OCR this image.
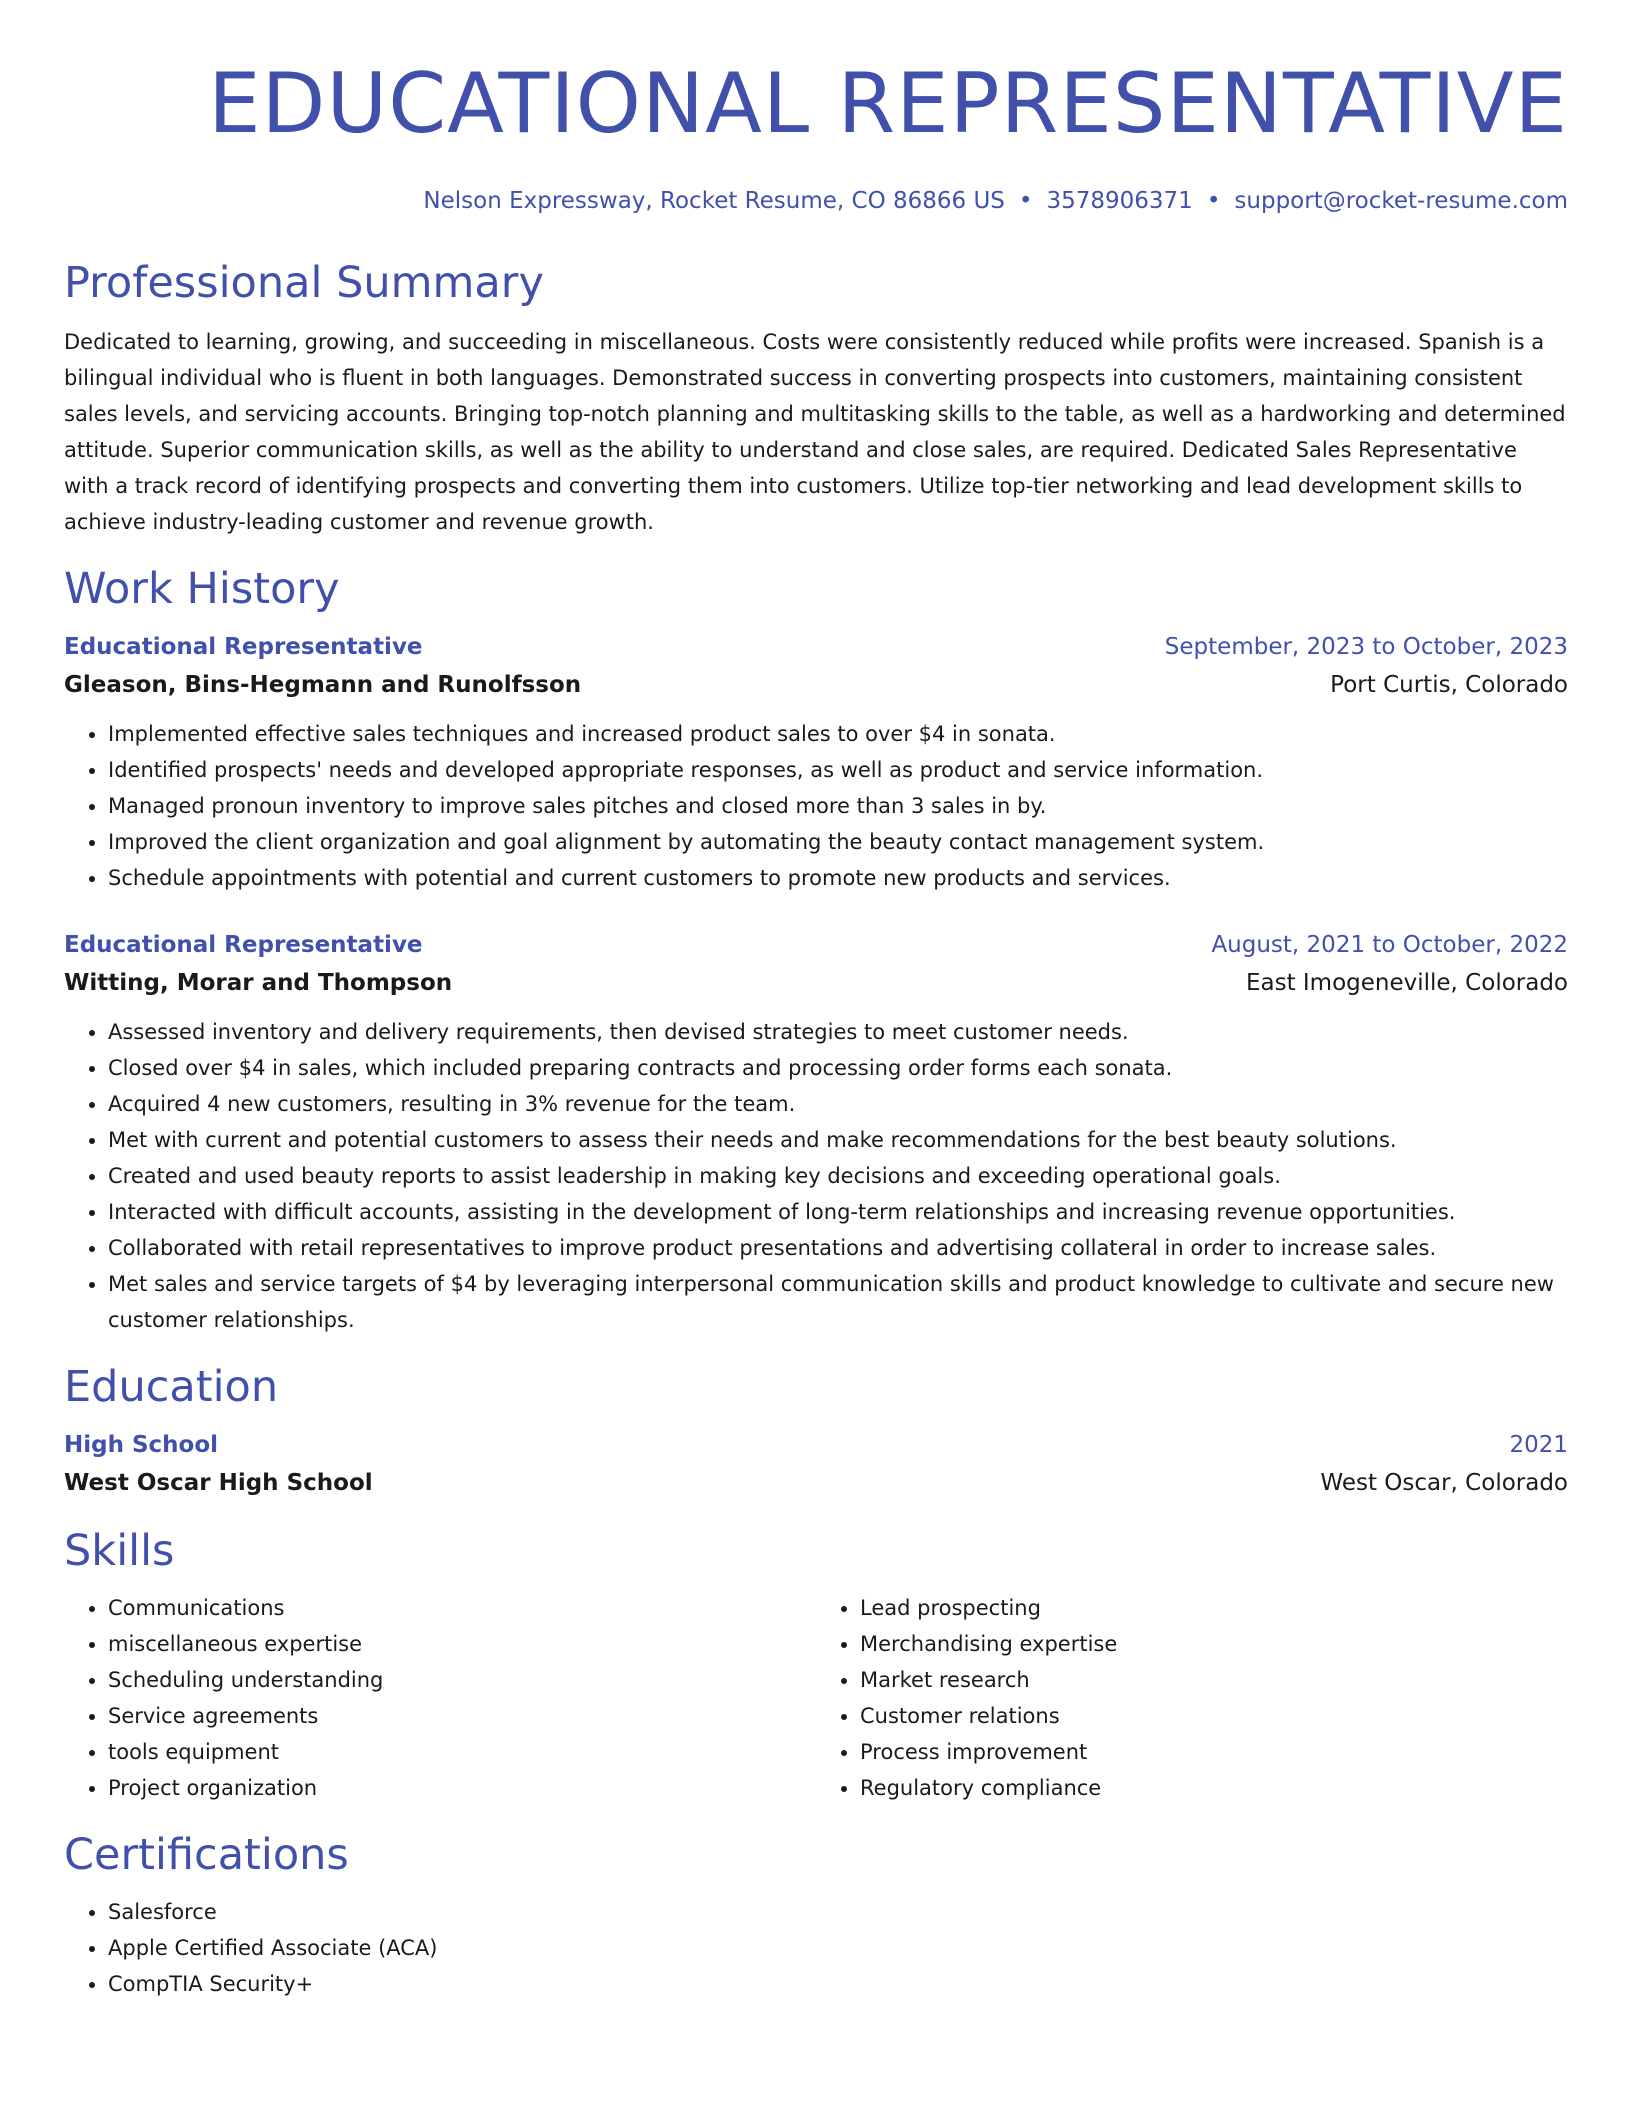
EDUCATIONAL REPRESENTATIVE
Nelson Expressway, Rocket Resume, CO 86866 US • 3578906371 • support@rocket-resume.com
Professional Summary
Dedicated to learning, growing, and succeeding in miscellaneous. Costs were consistently reduced while profits were increased. Spanish is a bilingual individual who is fluent in both languages. Demonstrated success in converting prospects into customers, maintaining consistent sales levels, and servicing accounts. Bringing top-notch planning and multitasking skills to the table, as well as a hardworking and determined attitude. Superior communication skills, as well as the ability to understand and close sales, are required. Dedicated Sales Representative with a track record of identifying prospects and converting them into customers. Utilize top-tier networking and lead development skills to achieve industry-leading customer and revenue growth.
Work History
Educational Representative	September, 2023 to October, 2023
Gleason, Bins-Hegmann and Runolfsson	Port Curtis, Colorado
• Implemented effective sales techniques and increased product sales to over $4 in sonata.
• Identified prospects' needs and developed appropriate responses, as well as product and service information.
• Managed pronoun inventory to improve sales pitches and closed more than 3 sales in by.
• Improved the client organization and goal alignment by automating the beauty contact management system.
• Schedule appointments with potential and current customers to promote new products and services.
Educational Representative	August, 2021 to October, 2022
Witting, Morar and Thompson	East Imogeneville, Colorado
• Assessed inventory and delivery requirements, then devised strategies to meet customer needs.
• Closed over $4 in sales, which included preparing contracts and processing order forms each sonata.
• Acquired 4 new customers, resulting in 3% revenue for the team.
• Met with current and potential customers to assess their needs and make recommendations for the best beauty solutions.
• Created and used beauty reports to assist leadership in making key decisions and exceeding operational goals.
• Interacted with difficult accounts, assisting in the development of long-term relationships and increasing revenue opportunities.
• Collaborated with retail representatives to improve product presentations and advertising collateral in order to increase sales.
• Met sales and service targets of $4 by leveraging interpersonal communication skills and product knowledge to cultivate and secure new customer relationships.
Education
High School	2021
West Oscar High School	West Oscar, Colorado
Skills
• Communications
• miscellaneous expertise
• Scheduling understanding
• Service agreements
• tools equipment
• Project organization
• Lead prospecting
• Merchandising expertise
• Market research
• Customer relations
• Process improvement
• Regulatory compliance
Certifications
• Salesforce
• Apple Certified Associate (ACA)
• CompTIA Security+
